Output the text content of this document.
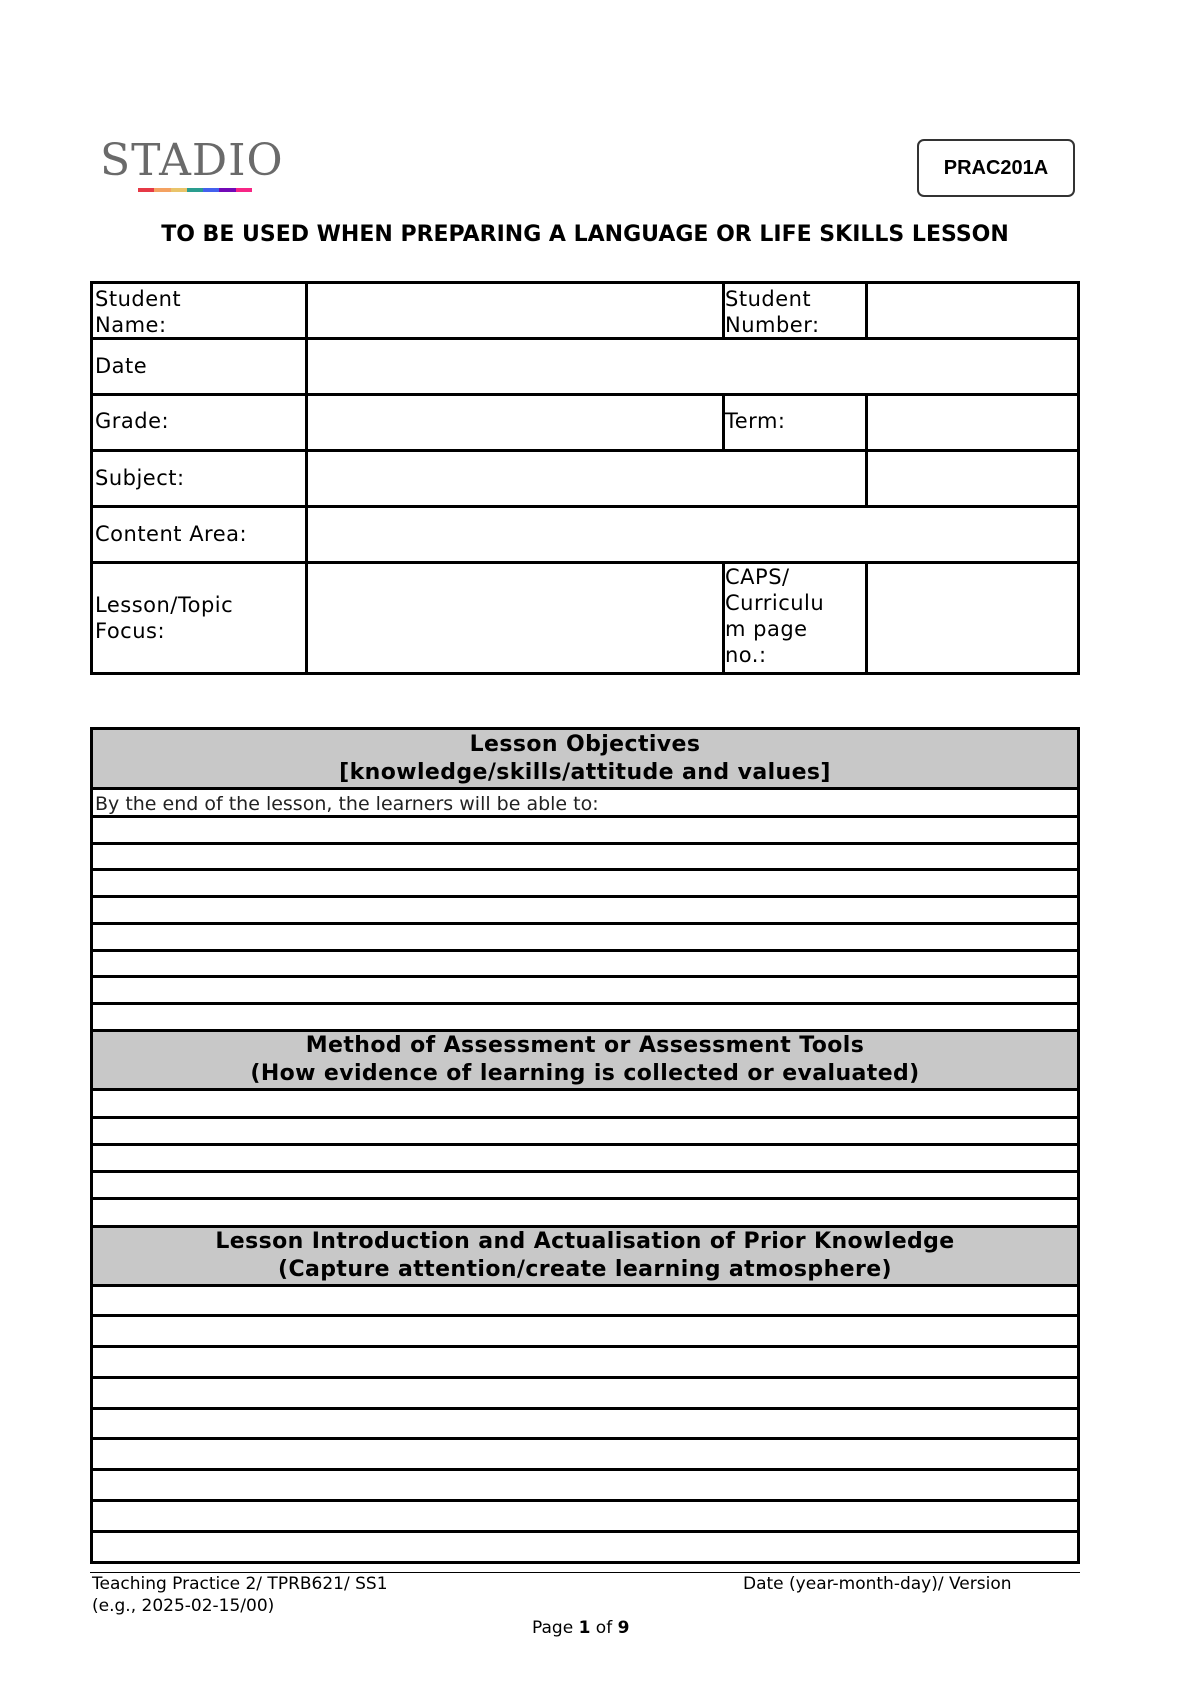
STADIO	PRAC201A
TO BE USED WHEN PREPARING A LANGUAGE OR LIFE SKILLS LESSON
Student
Name:
Student
Number:
Date
Grade:	Term:
Subject:
Content Area:
Lesson/Topic
Focus:
CAPS/
Curriculu
m page
no.:
Lesson Objectives
[knowledge/skills/attitude and values]
By the end of the lesson, the learners will be able to:
Method of Assessment or Assessment Tools
(How evidence of learning is collected or evaluated)
Lesson Introduction and Actualisation of Prior Knowledge
(Capture attention/create learning atmosphere)
Teaching Practice 2/ TPRB621/ SS1
(e.g., 2025-02-15/00)
Date (year-month-day)/ Version
Page 1 of 9
